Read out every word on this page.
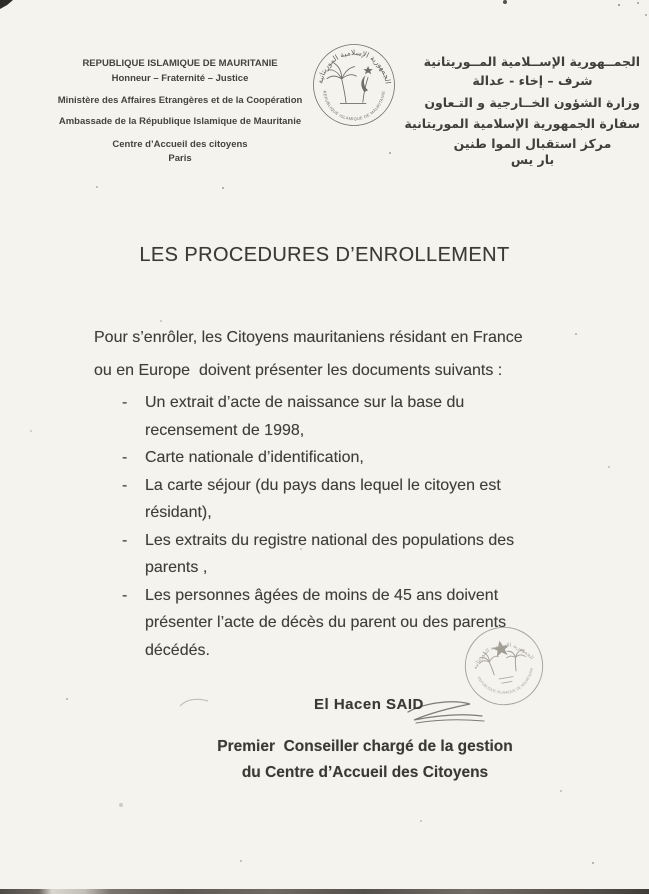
REPUBLIQUE ISLAMIQUE DE MAURITANIE
Honneur – Fraternité – Justice
Ministère des Affaires Etrangères et de la Coopération
Ambassade de la République Islamique de Mauritanie
Centre d’Accueil des citoyens
Paris
الجمــهورية الإســلامية المــوريتانية
شرف – إخاء - عدالة
وزارة الشؤون الخــارجية و التـعاون
سفارة الجمهورية الإسلامية الموريتانية
مركز استقبال الموا طنين
بار يس
الجمهورية الإسلامية الموريتانية
REPUBLIQUE ISLAMIQUE DE MAURITANIE
LES PROCEDURES D’ENROLLEMENT
Pour s’enrôler, les Citoyens mauritaniens résidant en France
ou en Europe  doivent présenter les documents suivants :
-	Un extrait d’acte de naissance sur la base du
recensement de 1998,
-	Carte nationale d’identification,
-	La carte séjour (du pays dans lequel le citoyen est
résidant),
-	Les extraits du registre national des populations des
parents ,
-	Les personnes âgées de moins de 45 ans doivent
présenter l’acte de décès du parent ou des parents
décédés.
الجمهورية الإسلامية الموريتانية
REPUBLIQUE ISLAMIQUE DE MAURITANIE
El Hacen SAID
Premier  Conseiller chargé de la gestion
du Centre d’Accueil des Citoyens
